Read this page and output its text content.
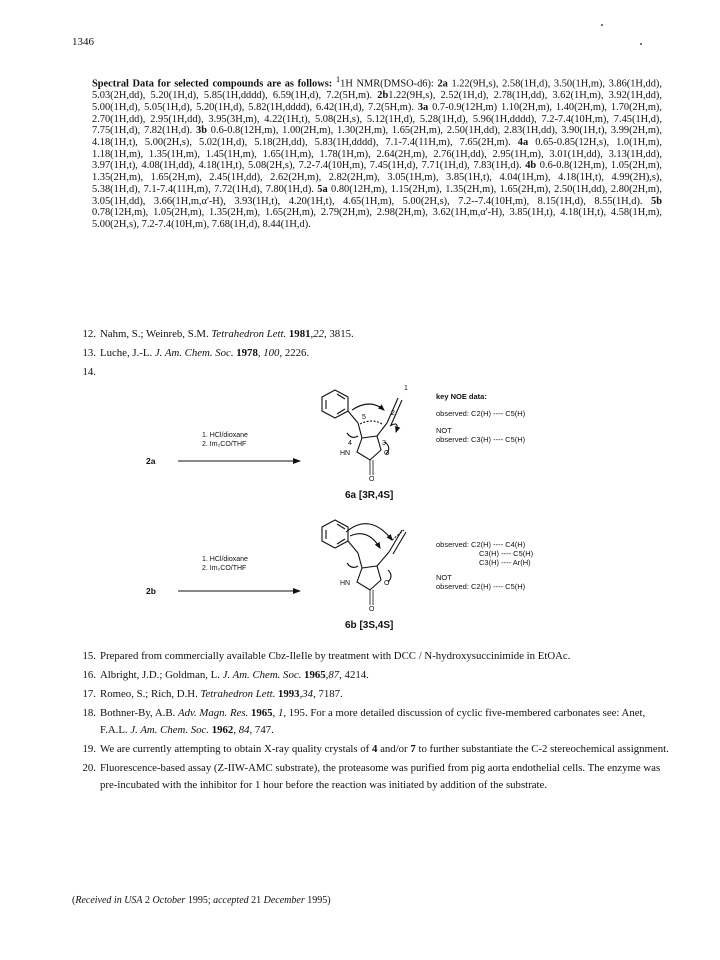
1346

Spectral Data for selected compounds are as follows: $^1$1H NMR(DMSO-d6): 2a 1.22(9H,s), 2.58(1H,d), 3.50(1H,m), 3.86(1H,dd), 5.03(2H,dd), 5.20(1H,d), 5.85(1H,dddd), 6.59(1H,d), 7.2(5H,m). 2b1.22(9H,s), 2.52(1H,d), 2.78(1H,dd), 3.62(1H,m), 3.92(1H,dd), 5.00(1H,d), 5.05(1H,d), 5.20(1H,d), 5.82(1H,dddd), 6.42(1H,d), 7.2(5H,m). 3a 0.7-0.9(12H,m) 1.10(2H,m), 1.40(2H,m), 1.70(2H,m), 2.70(1H,dd), 2.95(1H,dd), 3.95(3H,m), 4.22(1H,t), 5.08(2H,s), 5.12(1H,d), 5.28(1H,d), 5.96(1H,dddd), 7.2-7.4(10H,m), 7.45(1H,d), 7.75(1H,d), 7.82(1H,d). 3b 0.6-0.8(12H,m), 1.00(2H,m), 1.30(2H,m), 1.65(2H,m), 2.50(1H,dd), 2.83(1H,dd), 3.90(1H,t), 3.99(2H,m), 4.18(1H,t), 5.00(2H,s), 5.02(1H,d), 5.18(2H,dd), 5.83(1H,dddd), 7.1-7.4(11H,m), 7.65(2H,m). 4a 0.65-0.85(12H,s), 1.0(1H,m), 1.18(1H,m), 1.35(1H,m), 1.45(1H,m), 1.65(1H,m), 1.78(1H,m), 2.64(2H,m), 2.76(1H,dd), 2.95(1H,m), 3.01(1H,dd), 3.13(1H,dd), 3.97(1H,t), 4.08(1H,dd), 4.18(1H,t), 5.08(2H,s), 7.2-7.4(10H,m), 7.45(1H,d), 7.71(1H,d), 7.83(1H,d). 4b 0.6-0.8(12H,m), 1.05(2H,m), 1.35(2H,m), 1.65(2H,m), 2.45(1H,dd), 2.62(2H,m), 2.82(2H,m), 3.05(1H,m), 3.85(1H,t), 4.04(1H,m), 4.18(1H,t), 4.99(2H),s), 5.38(1H,d), 7.1-7.4(11H,m), 7.72(1H,d), 7.80(1H,d). 5a 0.80(12H,m), 1.15(2H,m), 1.35(2H,m), 1.65(2H,m), 2.50(1H,dd), 2.80(2H,m), 3.05(1H,dd), 3.66(1H,m,α'-H), 3.93(1H,t), 4.20(1H,t), 4.65(1H,m), 5.00(2H,s), 7.2--7.4(10H,m), 8.15(1H,d), 8.55(1H,d). 5b 0.78(12H,m), 1.05(2H,m), 1.35(2H,m), 1.65(2H,m), 2.79(2H,m), 2.98(2H,m), 3.62(1H,m,α'-H), 3.85(1H,t), 4.18(1H,t), 4.58(1H,m), 5.00(2H,s), 7.2-7.4(10H,m), 7.68(1H,d), 8.44(1H,d).

12 . Nahm, S.; Weinreb, S.M. Tetrahedron Lett. 1981,22, 3815.
13 . Luche, J.-L. J. Am. Chem. Soc. 1978, 100, 2226.
14 .
2a
1. HCl/dioxane
2. Im₂CO/THF
1
2
3
4
5
HN	O
O
6a [3R,4S]
key NOE data:
observed: C2(H) ---- C5(H)
NOT
observed: C3(H) ---- C5(H)
2b
1. HCl/dioxane
2. Im₂CO/THF
HN	O
O
6b [3S,4S]
observed: C2(H) ---- C4(H)
C3(H) ---- C5(H)
C3(H) ---- Ar(H)
NOT
observed: C2(H) ---- C5(H)
15 . Prepared from commercially available Cbz-IleIle by treatment with DCC / N-hydroxysuccinimide in EtOAc.
16 . Albright, J.D.; Goldman, L. J. Am. Chem. Soc. 1965,87, 4214.
17 . Romeo, S.; Rich, D.H. Tetrahedron Lett. 1993,34, 7187.
18 . Bothner-By, A.B. Adv. Magn. Res. 1965, 1, 195. For a more detailed discussion of cyclic five-membered carbonates see: Anet, F.A.L. J. Am. Chem. Soc. 1962, 84, 747.
19 . We are currently attempting to obtain X-ray quality crystals of 4 and/or 7 to further substantiate the C-2 stereochemical assignment.
20 . Fluorescence-based assay (Z-IIW-AMC substrate), the proteasome was purified from pig aorta endothelial cells. The enzyme was pre-incubated with the inhibitor for 1 hour before the reaction was initiated by addition of the substrate.
(Received in USA 2 October 1995; accepted 21 December 1995)
